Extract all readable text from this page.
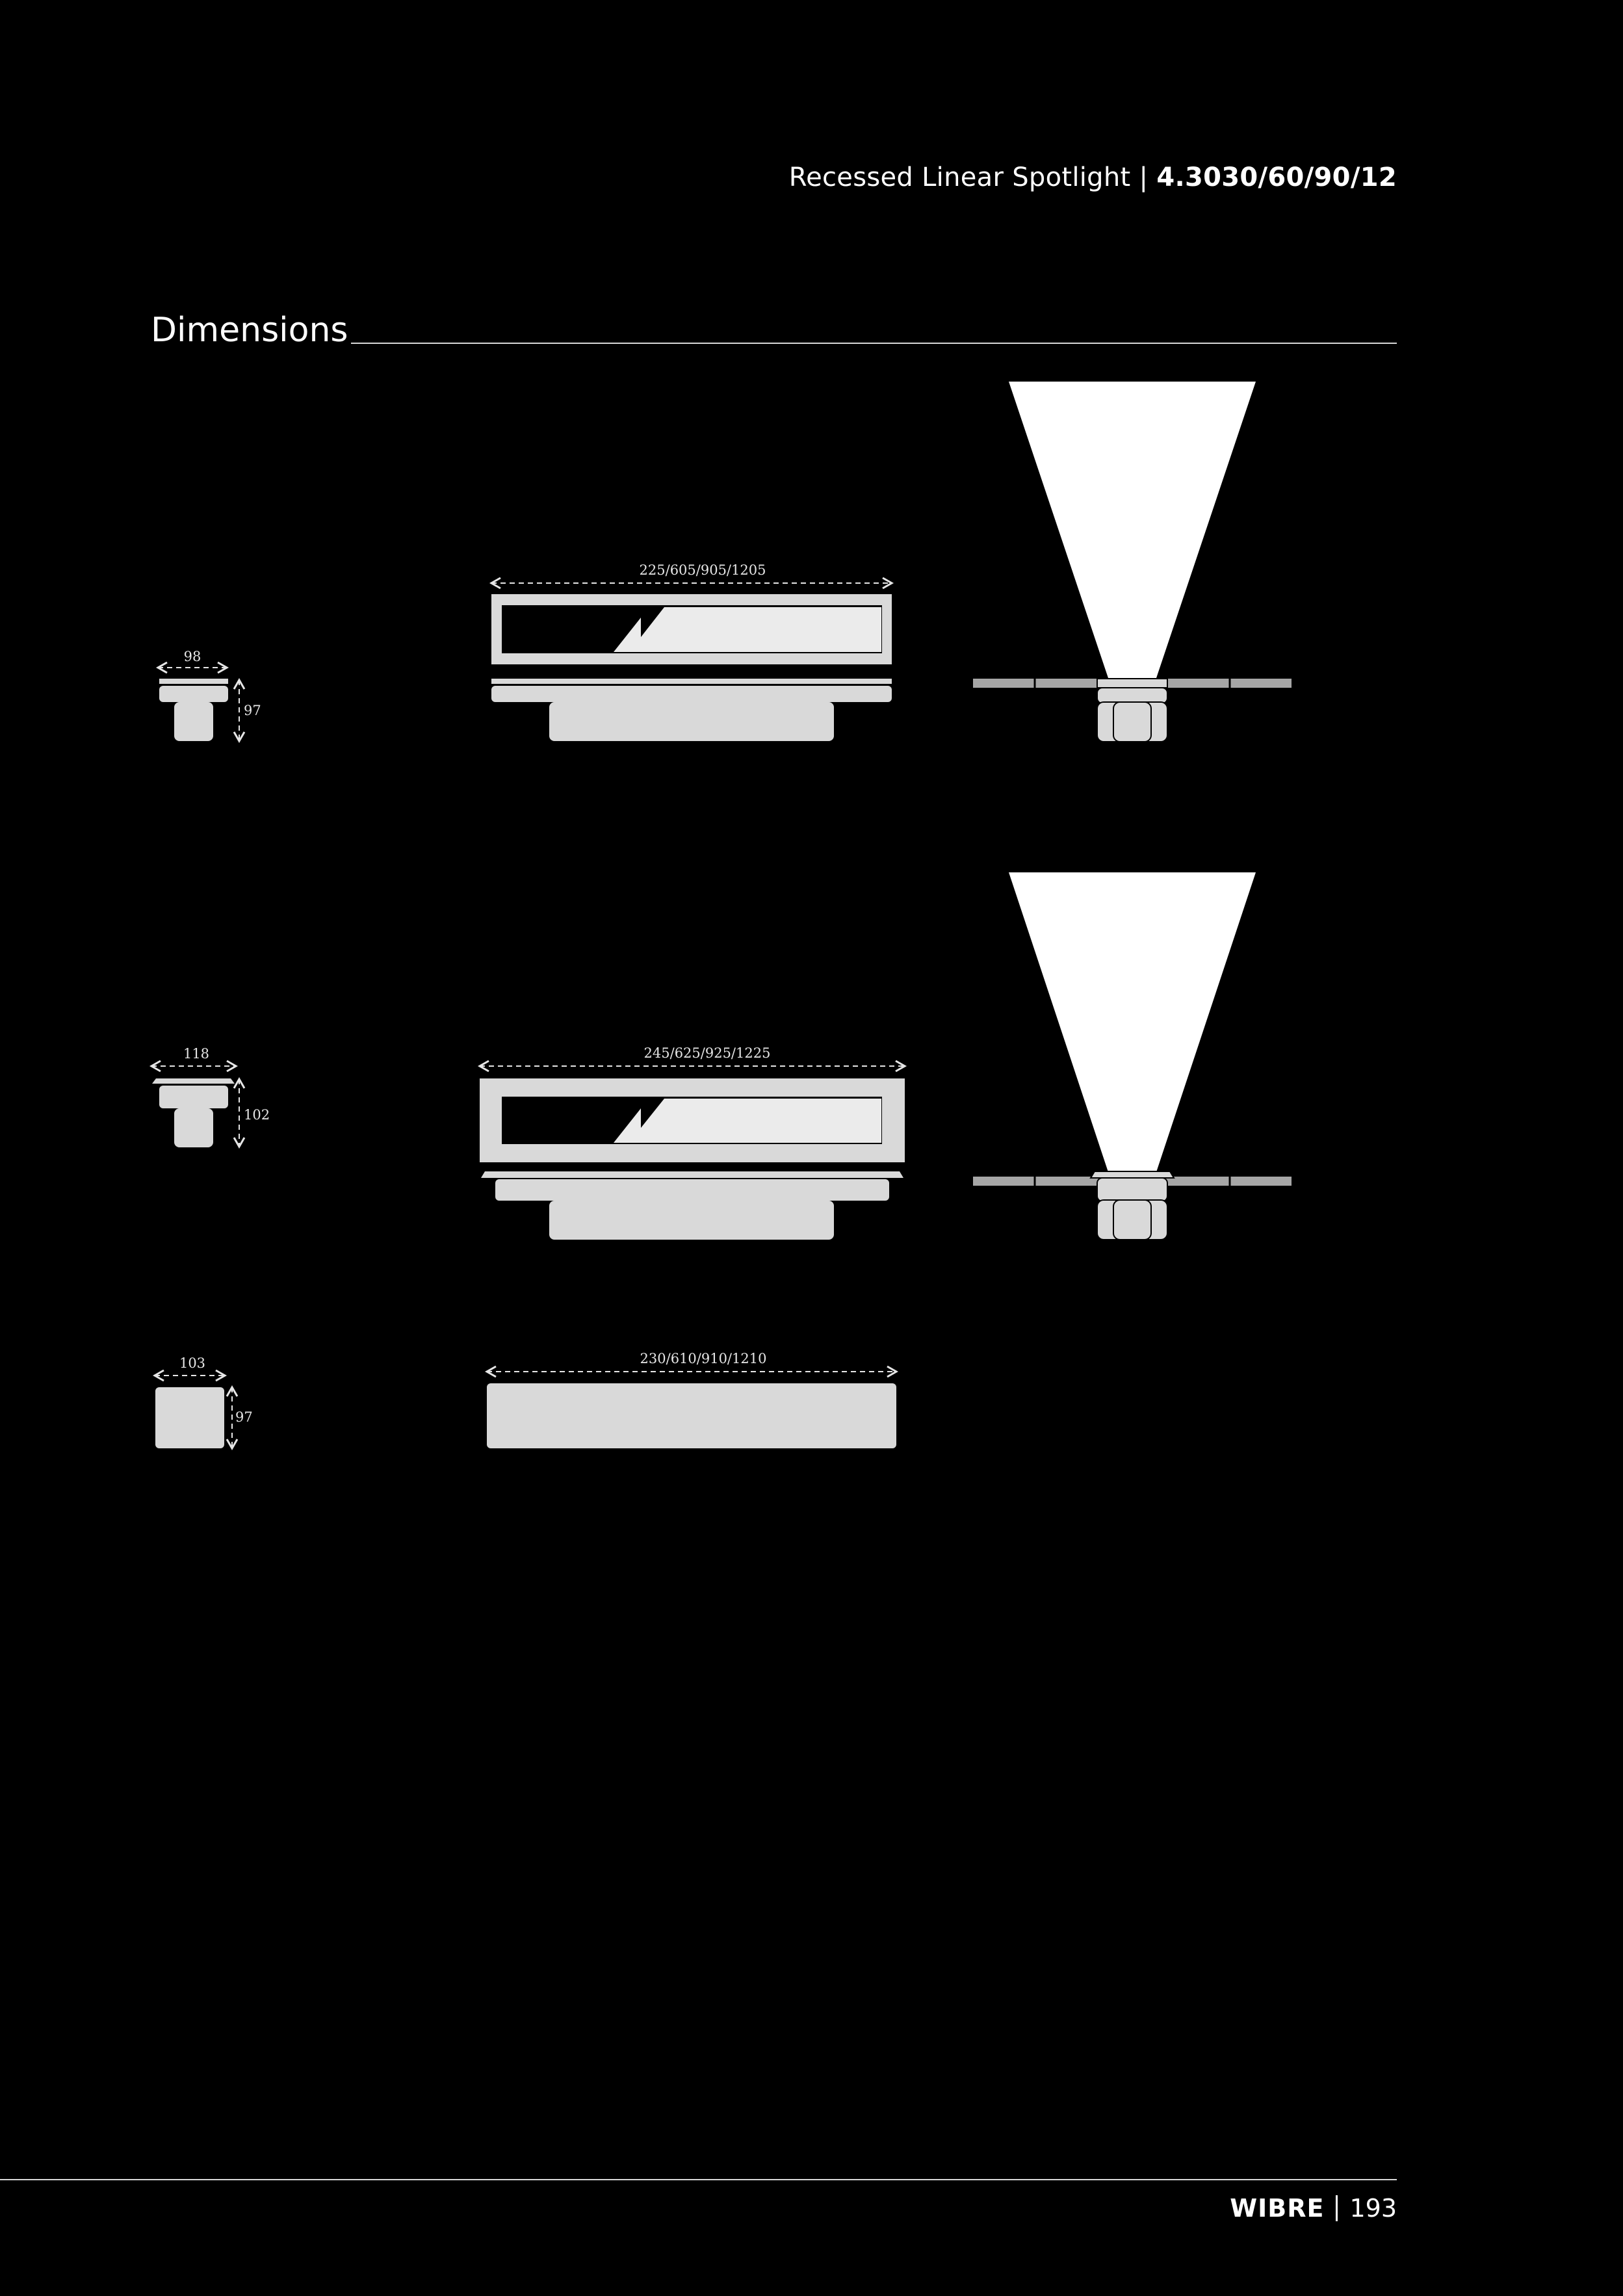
Recessed Linear Spotlight | 4.3030/60/90/12
Dimensions
98
97
225/605/905/1205
118
102
245/625/925/1225
103
97
230/610/910/1210
WIBRE 193
